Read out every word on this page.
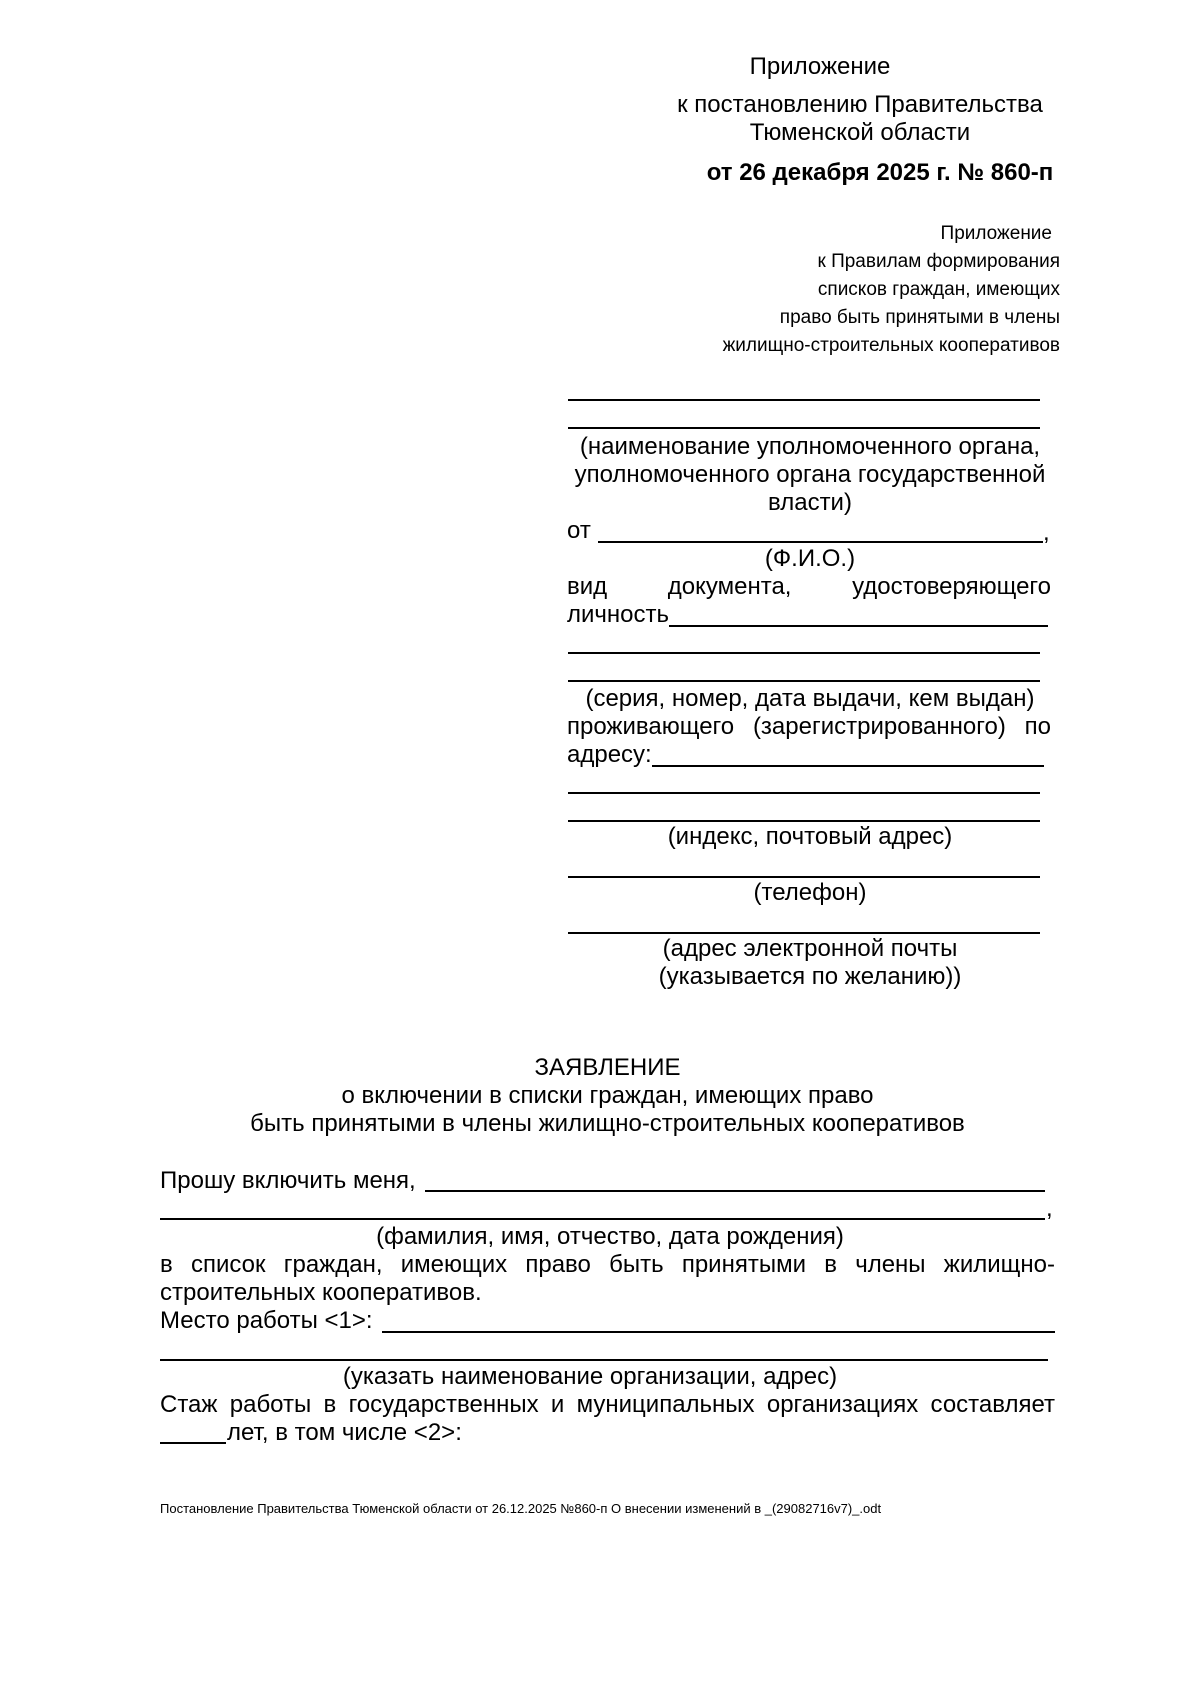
Приложение
к постановлению Правительства
Тюменской области
от 26 декабря 2025 г. № 860-п
Приложение
к Правилам формирования
списков граждан, имеющих
право быть принятыми в члены
жилищно-строительных кооперативов
(наименование уполномоченного органа,
уполномоченного органа государственной
власти)
от	,
(Ф.И.О.)
вид	документа,	удостоверяющего
личность
(серия, номер, дата выдачи, кем выдан)
проживающего (зарегистрированного) по
адресу:
(индекс, почтовый адрес)
(телефон)
(адрес электронной почты
(указывается по желанию))
ЗАЯВЛЕНИЕ
о включении в списки граждан, имеющих право
быть принятыми в члены жилищно-строительных кооперативов
Прошу включить меня,
,
(фамилия, имя, отчество, дата рождения)
в список граждан, имеющих право быть принятыми в члены жилищно-
строительных кооперативов.
Место работы <1>:
(указать наименование организации, адрес)
Стаж работы в государственных и муниципальных организациях составляет
лет, в том числе <2>:
Постановление Правительства Тюменской области от 26.12.2025 №860-п О внесении изменений в _(29082716v7)_.odt
